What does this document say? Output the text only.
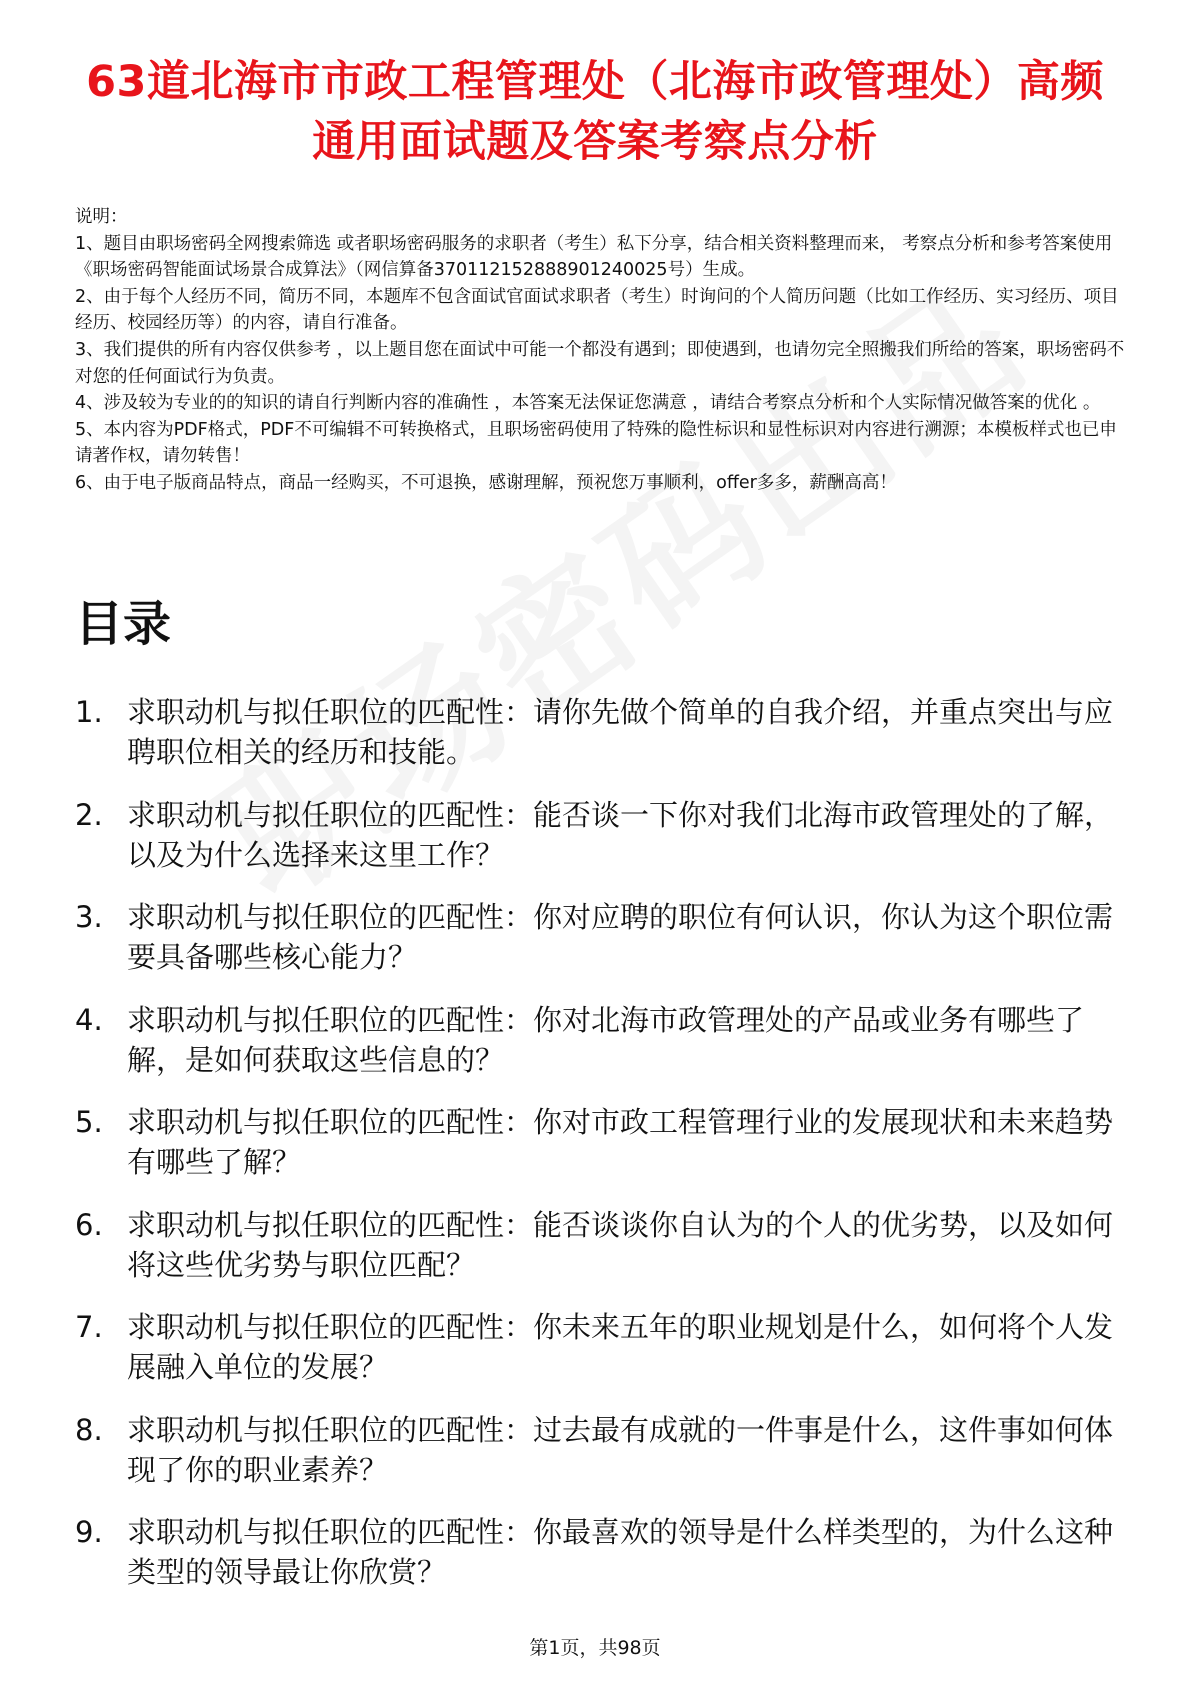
63道北海市市政工程管理处（北海市政管理处）高频通用面试题及答案考察点分析

说明：

1、题目由职场密码全网搜索筛选 或者职场密码服务的求职者（考生）私下分享，结合相关资料整理而来， 考察点分析和参考答案使用《职场密码智能面试场景合成算法》（网信算备370112152888901240025号）生成。

2、由于每个人经历不同，简历不同，本题库不包含面试官面试求职者（考生）时询问的个人简历问题（比如工作经历、实习经历、项目经历、校园经历等）的内容，请自行准备。

3、我们提供的所有内容仅供参考 ，以上题目您在面试中可能一个都没有遇到；即使遇到，也请勿完全照搬我们所给的答案，职场密码不对您的任何面试行为负责。

4、涉及较为专业的的知识的请自行判断内容的准确性 ，本答案无法保证您满意 ，请结合考察点分析和个人实际情况做答案的优化 。

5、本内容为PDF格式，PDF不可编辑不可转换格式，且职场密码使用了特殊的隐性标识和显性标识对内容进行溯源；本模板样式也已申请著作权，请勿转售！

6、由于电子版商品特点，商品一经购买，不可退换，感谢理解，预祝您万事顺利，offer多多，薪酬高高！

目录
1. 求职动机与拟任职位的匹配性：请你先做个简单的自我介绍，并重点突出与应聘职位相关的经历和技能。
2. 求职动机与拟任职位的匹配性：能否谈一下你对我们北海市政管理处的了解，以及为什么选择来这里工作？
3. 求职动机与拟任职位的匹配性：你对应聘的职位有何认识，你认为这个职位需要具备哪些核心能力？
4. 求职动机与拟任职位的匹配性：你对北海市政管理处的产品或业务有哪些了解，是如何获取这些信息的？
5. 求职动机与拟任职位的匹配性：你对市政工程管理行业的发展现状和未来趋势有哪些了解？
6. 求职动机与拟任职位的匹配性：能否谈谈你自认为的个人的优劣势，以及如何将这些优劣势与职位匹配？
7. 求职动机与拟任职位的匹配性：你未来五年的职业规划是什么，如何将个人发展融入单位的发展？
8. 求职动机与拟任职位的匹配性：过去最有成就的一件事是什么，这件事如何体现了你的职业素养？
9. 求职动机与拟任职位的匹配性：你最喜欢的领导是什么样类型的，为什么这种类型的领导最让你欣赏？
第1页，共98页
